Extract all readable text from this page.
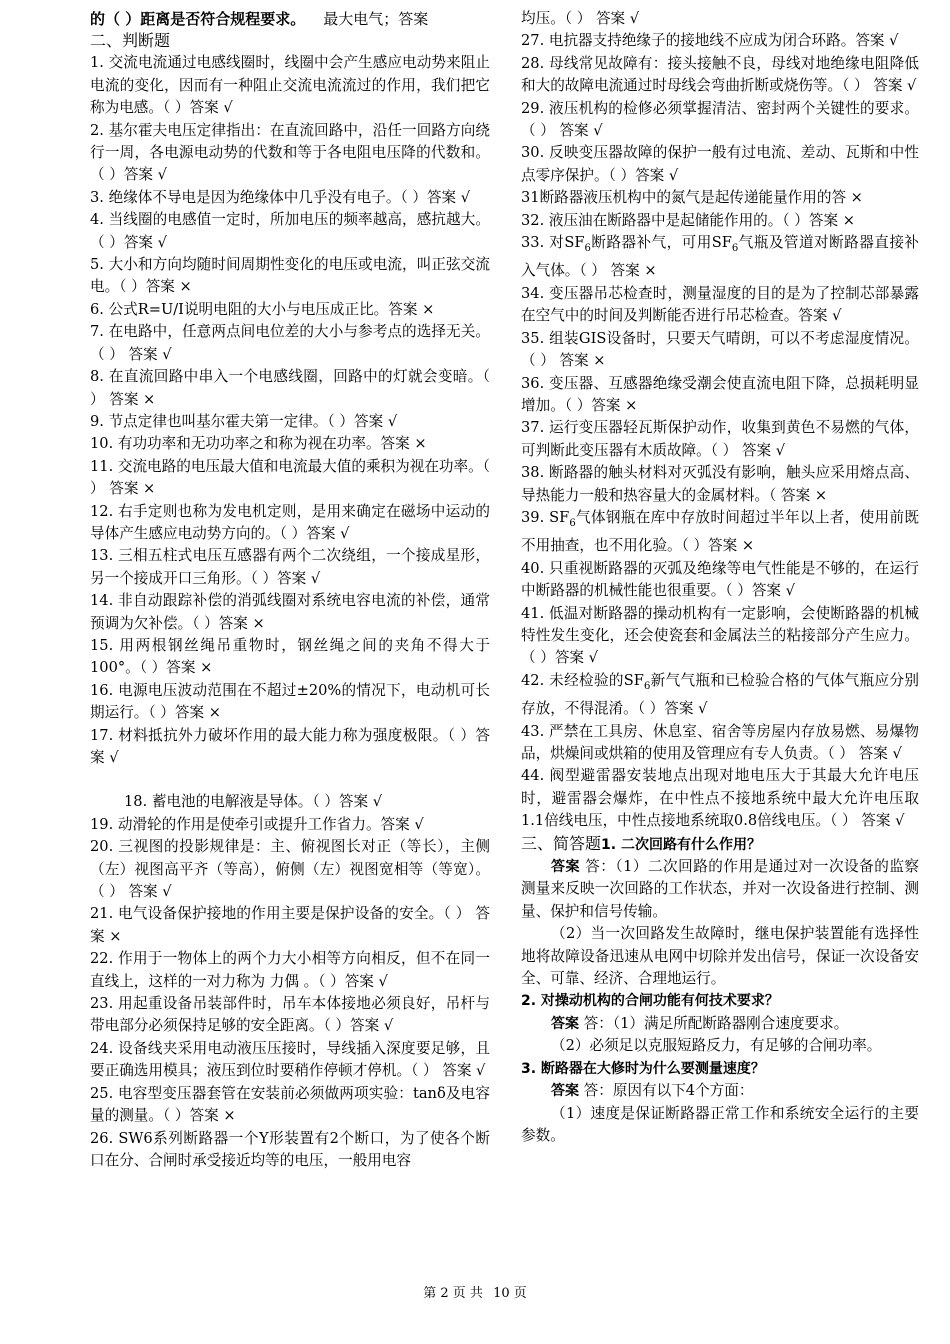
的（ ）距离是否符合规程要求。 最大电气；答案

二、判断题

1. 交流电流通过电感线圈时，线圈中会产生感应电动势来阻止电流的变化，因而有一种阻止交流电流流过的作用，我们把它称为电感。（ ）答案 √

2. 基尔霍夫电压定律指出：在直流回路中，沿任一回路方向绕行一周，各电源电动势的代数和等于各电阻电压降的代数和。（ ）答案 √

3. 绝缘体不导电是因为绝缘体中几乎没有电子。（ ）答案 √

4. 当线圈的电感值一定时，所加电压的频率越高，感抗越大。（ ）答案 √

5. 大小和方向均随时间周期性变化的电压或电流，叫正弦交流电。（ ）答案 ×

6. 公式R=U/I说明电阻的大小与电压成正比。答案 ×

7. 在电路中，任意两点间电位差的大小与参考点的选择无关。（ ） 答案 √

8. 在直流回路中串入一个电感线圈，回路中的灯就会变暗。（ ） 答案 ×

9. 节点定律也叫基尔霍夫第一定律。（ ）答案 √

10. 有功功率和无功功率之和称为视在功率。答案 ×

11. 交流电路的电压最大值和电流最大值的乘积为视在功率。（ ） 答案 ×

12. 右手定则也称为发电机定则，是用来确定在磁场中运动的导体产生感应电动势方向的。（ ）答案 √

13. 三相五柱式电压互感器有两个二次绕组，一个接成星形，另一个接成开口三角形。（ ）答案 √

14. 非自动跟踪补偿的消弧线圈对系统电容电流的补偿，通常预调为欠补偿。（ ）答案 ×

15. 用两根钢丝绳吊重物时，钢丝绳之间的夹角不得大于100°。（ ）答案 ×

16. 电源电压波动范围在不超过±20%的情况下，电动机可长期运行。（ ）答案 ×

17. 材料抵抗外力破坏作用的最大能力称为强度极限。（ ）答案 √

18. 蓄电池的电解液是导体。（ ）答案 √

19. 动滑轮的作用是使牵引或提升工作省力。答案 √

20. 三视图的投影规律是：主、俯视图长对正（等长），主侧（左）视图高平齐（等高），俯侧（左）视图宽相等（等宽）。（ ） 答案 √

21. 电气设备保护接地的作用主要是保护设备的安全。（ ） 答案 ×

22. 作用于一物体上的两个力大小相等方向相反，但不在同一直线上，这样的一对力称为 力偶 。（ ）答案 √

23. 用起重设备吊装部件时，吊车本体接地必须良好，吊杆与带电部分必须保持足够的安全距离。（ ）答案 √

24. 设备线夹采用电动液压压接时，导线插入深度要足够，且要正确选用模具；液压到位时要稍作停顿才停机。（ ） 答案 √

25. 电容型变压器套管在安装前必须做两项实验：tanδ及电容量的测量。（ ）答案 ×

26. SW6系列断路器一个Y形装置有2个断口，为了使各个断口在分、合闸时承受接近均等的电压，一般用电容

均压。（ ） 答案 √

27. 电抗器支持绝缘子的接地线不应成为闭合环路。答案 √

28. 母线常见故障有：接头接触不良，母线对地绝缘电阻降低和大的故障电流通过时母线会弯曲折断或烧伤等。（ ） 答案 √

29. 液压机构的检修必须掌握清洁、密封两个关键性的要求。（ ） 答案 √

30. 反映变压器故障的保护一般有过电流、差动、瓦斯和中性点零序保护。（ ）答案 √

31断路器液压机构中的氮气是起传递能量作用的答 ×

32. 液压油在断路器中是起储能作用的。（ ）答案 ×

33. 对$SF_6$断路器补气，可用$SF_6$气瓶及管道对断路器直接补入气体。（ ） 答案 ×

34. 变压器吊芯检查时，测量湿度的目的是为了控制芯部暴露在空气中的时间及判断能否进行吊芯检查。答案 √

35. 组装GIS设备时，只要天气晴朗，可以不考虑湿度情况。（ ） 答案 ×

36. 变压器、互感器绝缘受潮会使直流电阻下降，总损耗明显增加。（ ）答案 ×

37. 运行变压器轻瓦斯保护动作，收集到黄色不易燃的气体，可判断此变压器有木质故障。（ ） 答案 √

38. 断路器的触头材料对灭弧没有影响，触头应采用熔点高、导热能力一般和热容量大的金属材料。（ 答案 ×

39. $SF_6$气体钢瓶在库中存放时间超过半年以上者，使用前既不用抽查，也不用化验。（ ）答案 ×

40. 只重视断路器的灭弧及绝缘等电气性能是不够的，在运行中断路器的机械性能也很重要。（ ）答案 √

41. 低温对断路器的操动机构有一定影响，会使断路器的机械特性发生变化，还会使瓷套和金属法兰的粘接部分产生应力。（ ）答案 √

42. 未经检验的$SF_6$新气气瓶和已检验合格的气体气瓶应分别存放，不得混淆。（ ）答案 √

43. 严禁在工具房、休息室、宿舍等房屋内存放易燃、易爆物品，烘燥间或烘箱的使用及管理应有专人负责。（ ） 答案 √

44. 阀型避雷器安装地点出现对地电压大于其最大允许电压时，避雷器会爆炸，在中性点不接地系统中最大允许电压取1.1倍线电压，中性点接地系统取0.8倍线电压。（ ） 答案 √

三、简答题1. 二次回路有什么作用？

答案 答：（1）二次回路的作用是通过对一次设备的监察测量来反映一次回路的工作状态，并对一次设备进行控制、测量、保护和信号传输。

（2）当一次回路发生故障时，继电保护装置能有选择性地将故障设备迅速从电网中切除并发出信号，保证一次设备安全、可靠、经济、合理地运行。

2. 对操动机构的合闸功能有何技术要求？

答案 答：（1）满足所配断路器刚合速度要求。

（2）必须足以克服短路反力，有足够的合闸功率。

3. 断路器在大修时为什么要测量速度？

答案 答：原因有以下4个方面：

（1）速度是保证断路器正常工作和系统安全运行的主要参数。

第 2 页 共 10 页
